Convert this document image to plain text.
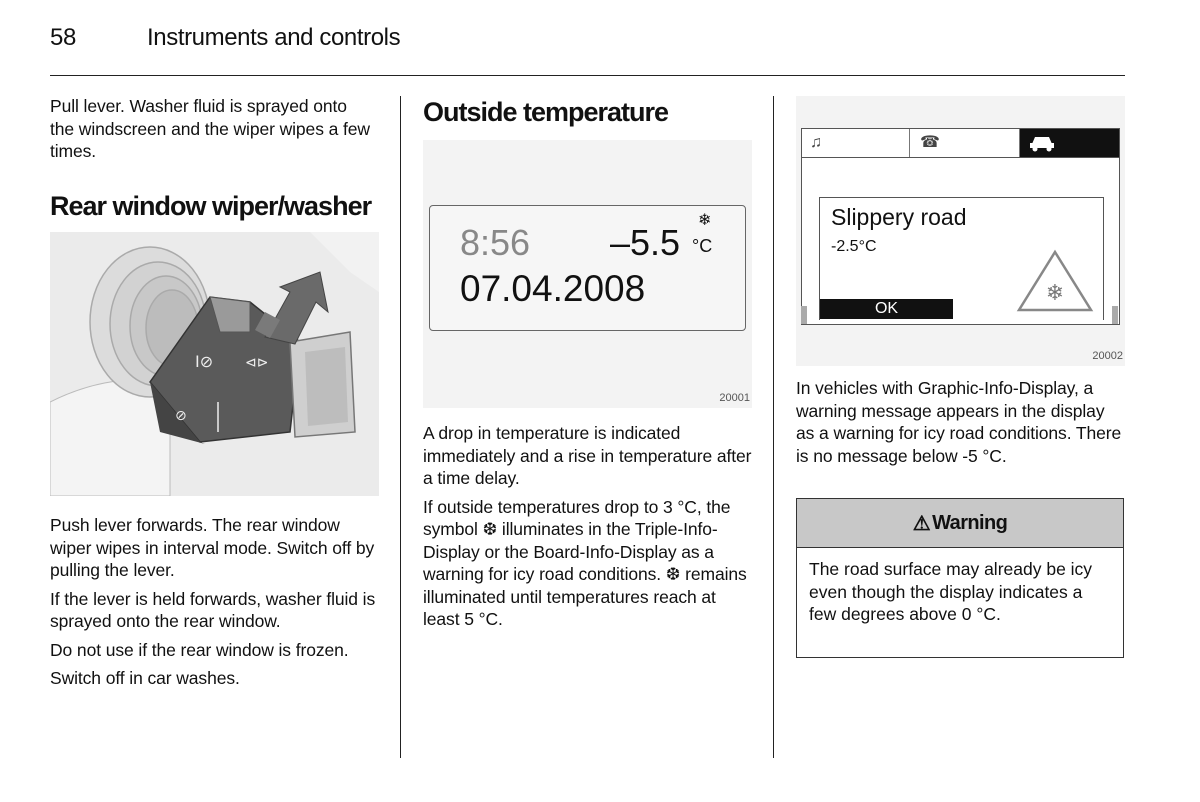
58	Instruments and controls

Pull lever. Washer fluid is sprayed onto the windscreen and the wiper wipes a few times.

Rear window wiper/washer
I⊘ ⊲⊳
⊘

Push lever forwards. The rear window wiper wipes in interval mode. Switch off by pulling the lever.

If the lever is held forwards, washer fluid is sprayed onto the rear window.

Do not use if the rear window is frozen.

Switch off in car washes.

Outside temperature
8:56 –5.5 °C
❄
07.04.2008
20001

A drop in temperature is indicated immediately and a rise in temperature after a time delay.

If outside temperatures drop to 3 °C, the symbol ❆ illuminates in the Triple-Info-Display or the Board-Info-Display as a warning for icy road conditions. ❆ remains illuminated until temperatures reach at least 5 °C.

♫	☎
Slippery road
-2.5°C
❄
OK
20002

In vehicles with Graphic-Info-Display, a warning message appears in the display as a warning for icy road conditions. There is no message below -5 °C.

⚠ Warning
The road surface may already be icy even though the display indicates a few degrees above 0 °C.
